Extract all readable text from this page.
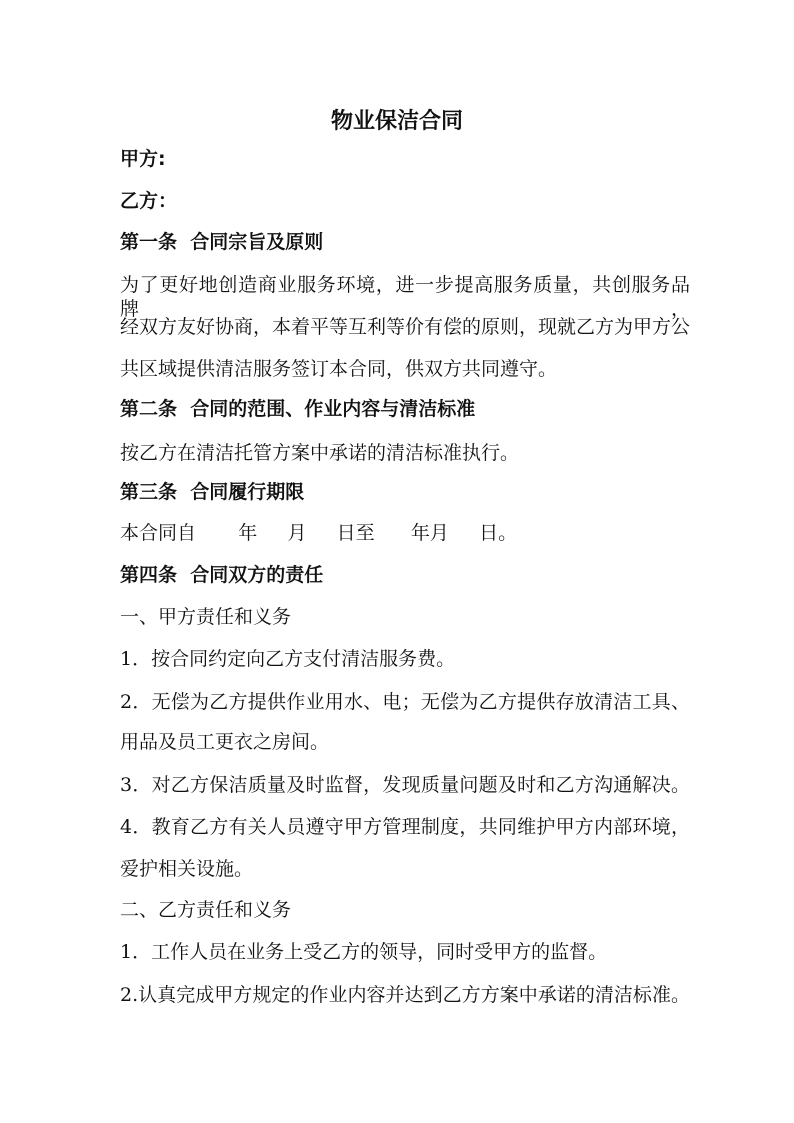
物业保洁合同
甲方:
乙方：
第一条  合同宗旨及原则
为了更好地创造商业服务环境，进一步提高服务质量，共创服务品牌，
经双方友好协商，本着平等互利等价有偿的原则，现就乙方为甲方公
共区域提供清洁服务签订本合同，供双方共同遵守。
第二条  合同的范围、作业内容与清洁标准
按乙方在清洁托管方案中承诺的清洁标准执行。
第三条  合同履行期限
本合同自       年     月     日至      年月     日。
第四条  合同双方的责任
一、甲方责任和义务
1．按合同约定向乙方支付清洁服务费。
2．无偿为乙方提供作业用水、电；无偿为乙方提供存放清洁工具、
用品及员工更衣之房间。
3．对乙方保洁质量及时监督，发现质量问题及时和乙方沟通解决。
4．教育乙方有关人员遵守甲方管理制度，共同维护甲方内部环境，
爱护相关设施。
二、乙方责任和义务
1．工作人员在业务上受乙方的领导，同时受甲方的监督。
2.认真完成甲方规定的作业内容并达到乙方方案中承诺的清洁标准。
